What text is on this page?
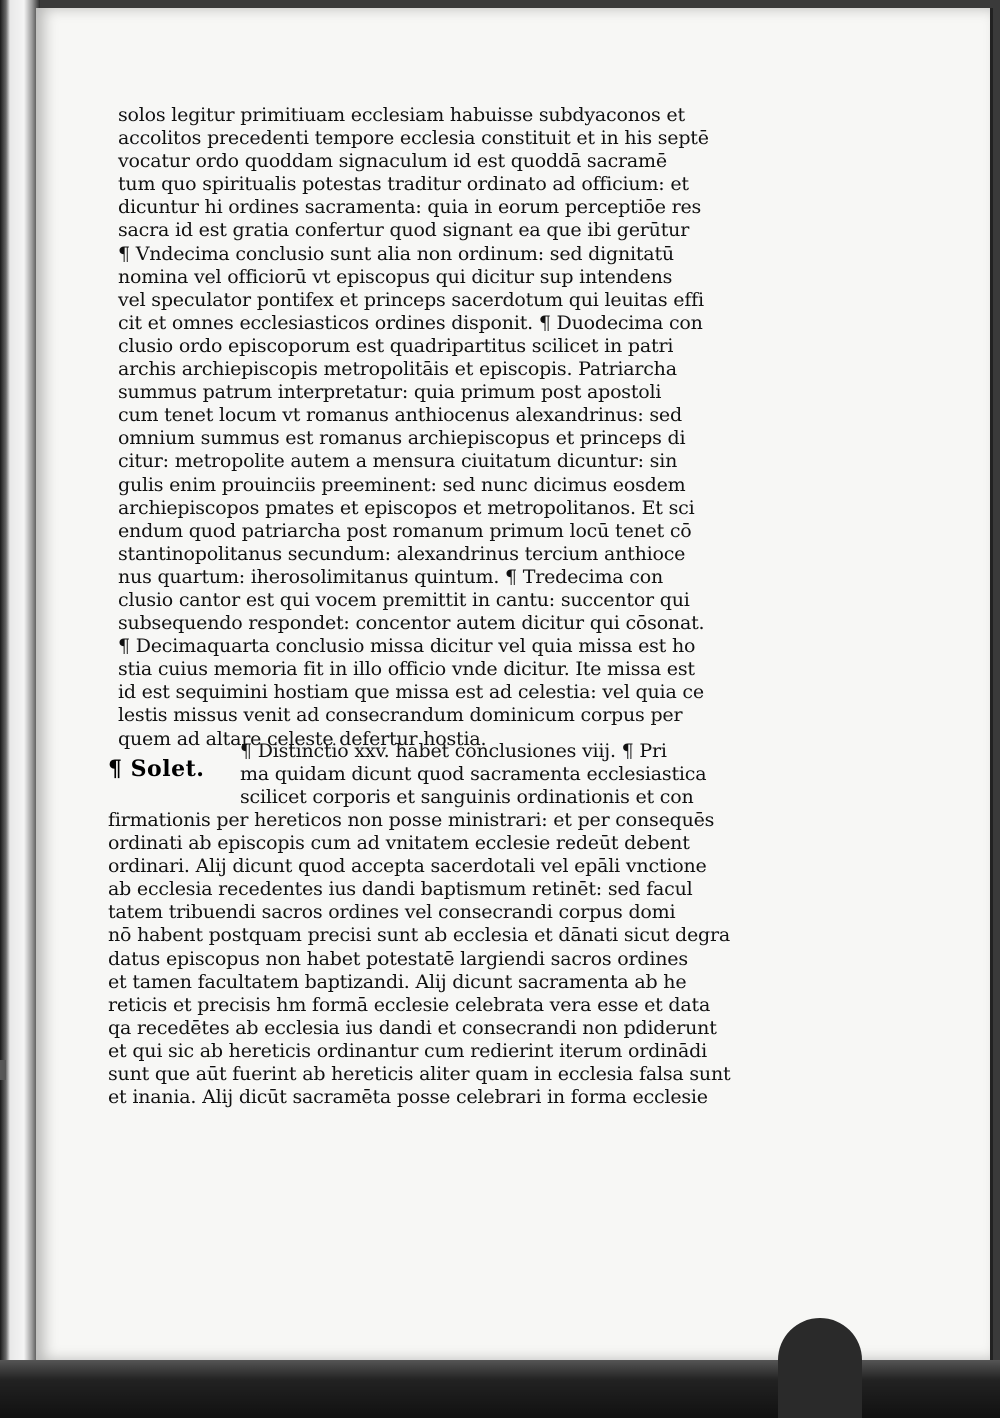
solos legitur primitiuam ecclesiam habuisse subdyaconos et
accolitos precedenti tempore ecclesia constituit et in his septē
vocatur ordo quoddam signaculum id est quoddā sacramē
tum quo spiritualis potestas traditur ordinato ad officium: et
dicuntur hi ordines sacramenta: quia in eorum perceptiōe res
sacra id est gratia confertur quod signant ea que ibi gerūtur
¶ Vndecima conclusio sunt alia non ordinum: sed dignitatū
nomina vel officiorū vt episcopus qui dicitur sup intendens
vel speculator pontifex et princeps sacerdotum qui leuitas effi
cit et omnes ecclesiasticos ordines disponit. ¶ Duodecima con
clusio ordo episcoporum est quadripartitus scilicet in patri
archis archiepiscopis metropolitāis et episcopis. Patriarcha
summus patrum interpretatur: quia primum post apostoli
cum tenet locum vt romanus anthiocenus alexandrinus: sed
omnium summus est romanus archiepiscopus et princeps di
citur: metropolite autem a mensura ciuitatum dicuntur: sin
gulis enim prouinciis preeminent: sed nunc dicimus eosdem
archiepiscopos pmates et episcopos et metropolitanos. Et sci
endum quod patriarcha post romanum primum locū tenet cō
stantinopolitanus secundum: alexandrinus tercium anthioce
nus quartum: iherosolimitanus quintum. ¶ Tredecima con
clusio cantor est qui vocem premittit in cantu: succentor qui
subsequendo respondet: concentor autem dicitur qui cōsonat.
¶ Decimaquarta conclusio missa dicitur vel quia missa est ho
stia cuius memoria fit in illo officio vnde dicitur. Ite missa est
id est sequimini hostiam que missa est ad celestia: vel quia ce
lestis missus venit ad consecrandum dominicum corpus per
quem ad altare celeste defertur hostia.
¶ Solet.
¶ Distinctio xxv. habet conclusiones viij. ¶ Pri
ma quidam dicunt quod sacramenta ecclesiastica
scilicet corporis et sanguinis ordinationis et con
firmationis per hereticos non posse ministrari: et per consequēs
ordinati ab episcopis cum ad vnitatem ecclesie redeūt debent
ordinari. Alij dicunt quod accepta sacerdotali vel epāli vnctione
ab ecclesia recedentes ius dandi baptismum retinēt: sed facul
tatem tribuendi sacros ordines vel consecrandi corpus domi
nō habent postquam precisi sunt ab ecclesia et dānati sicut degra
datus episcopus non habet potestatē largiendi sacros ordines
et tamen facultatem baptizandi. Alij dicunt sacramenta ab he
reticis et precisis hm formā ecclesie celebrata vera esse et data
qa recedētes ab ecclesia ius dandi et consecrandi non pdiderunt
et qui sic ab hereticis ordinantur cum redierint iterum ordinādi
sunt que aūt fuerint ab hereticis aliter quam in ecclesia falsa sunt
et inania. Alij dicūt sacramēta posse celebrari in forma ecclesie
